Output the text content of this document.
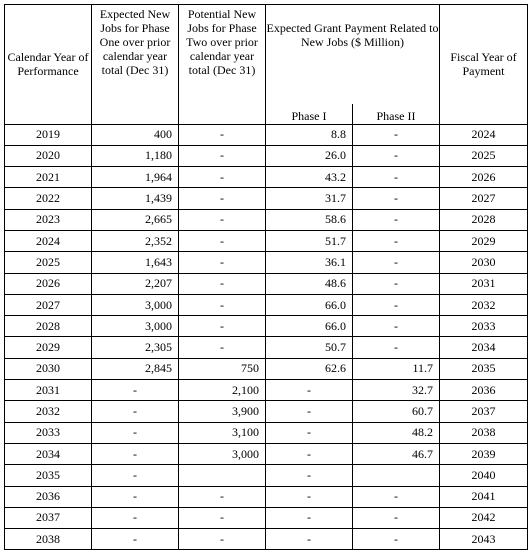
Calendar Year of Performance	Expected New Jobs for Phase One over prior calendar year total (Dec 31)	Potential New Jobs for Phase Two over prior calendar year total (Dec 31)	Expected Grant Payment Related to New Jobs ($ Million)		Fiscal Year of Payment
			Phase I	Phase II	
2019	400	-	8.8	-	2024
2020	1,180	-	26.0	-	2025
2021	1,964	-	43.2	-	2026
2022	1,439	-	31.7	-	2027
2023	2,665	-	58.6	-	2028
2024	2,352	-	51.7	-	2029
2025	1,643	-	36.1	-	2030
2026	2,207	-	48.6	-	2031
2027	3,000	-	66.0	-	2032
2028	3,000	-	66.0	-	2033
2029	2,305	-	50.7	-	2034
2030	2,845	750	62.6	11.7	2035
2031	-	2,100	-	32.7	2036
2032	-	3,900	-	60.7	2037
2033	-	3,100	-	48.2	2038
2034	-	3,000	-	46.7	2039
2035	-		-		2040
2036	-	-	-	-	2041
2037	-	-	-	-	2042
2038	-	-	-	-	2043
